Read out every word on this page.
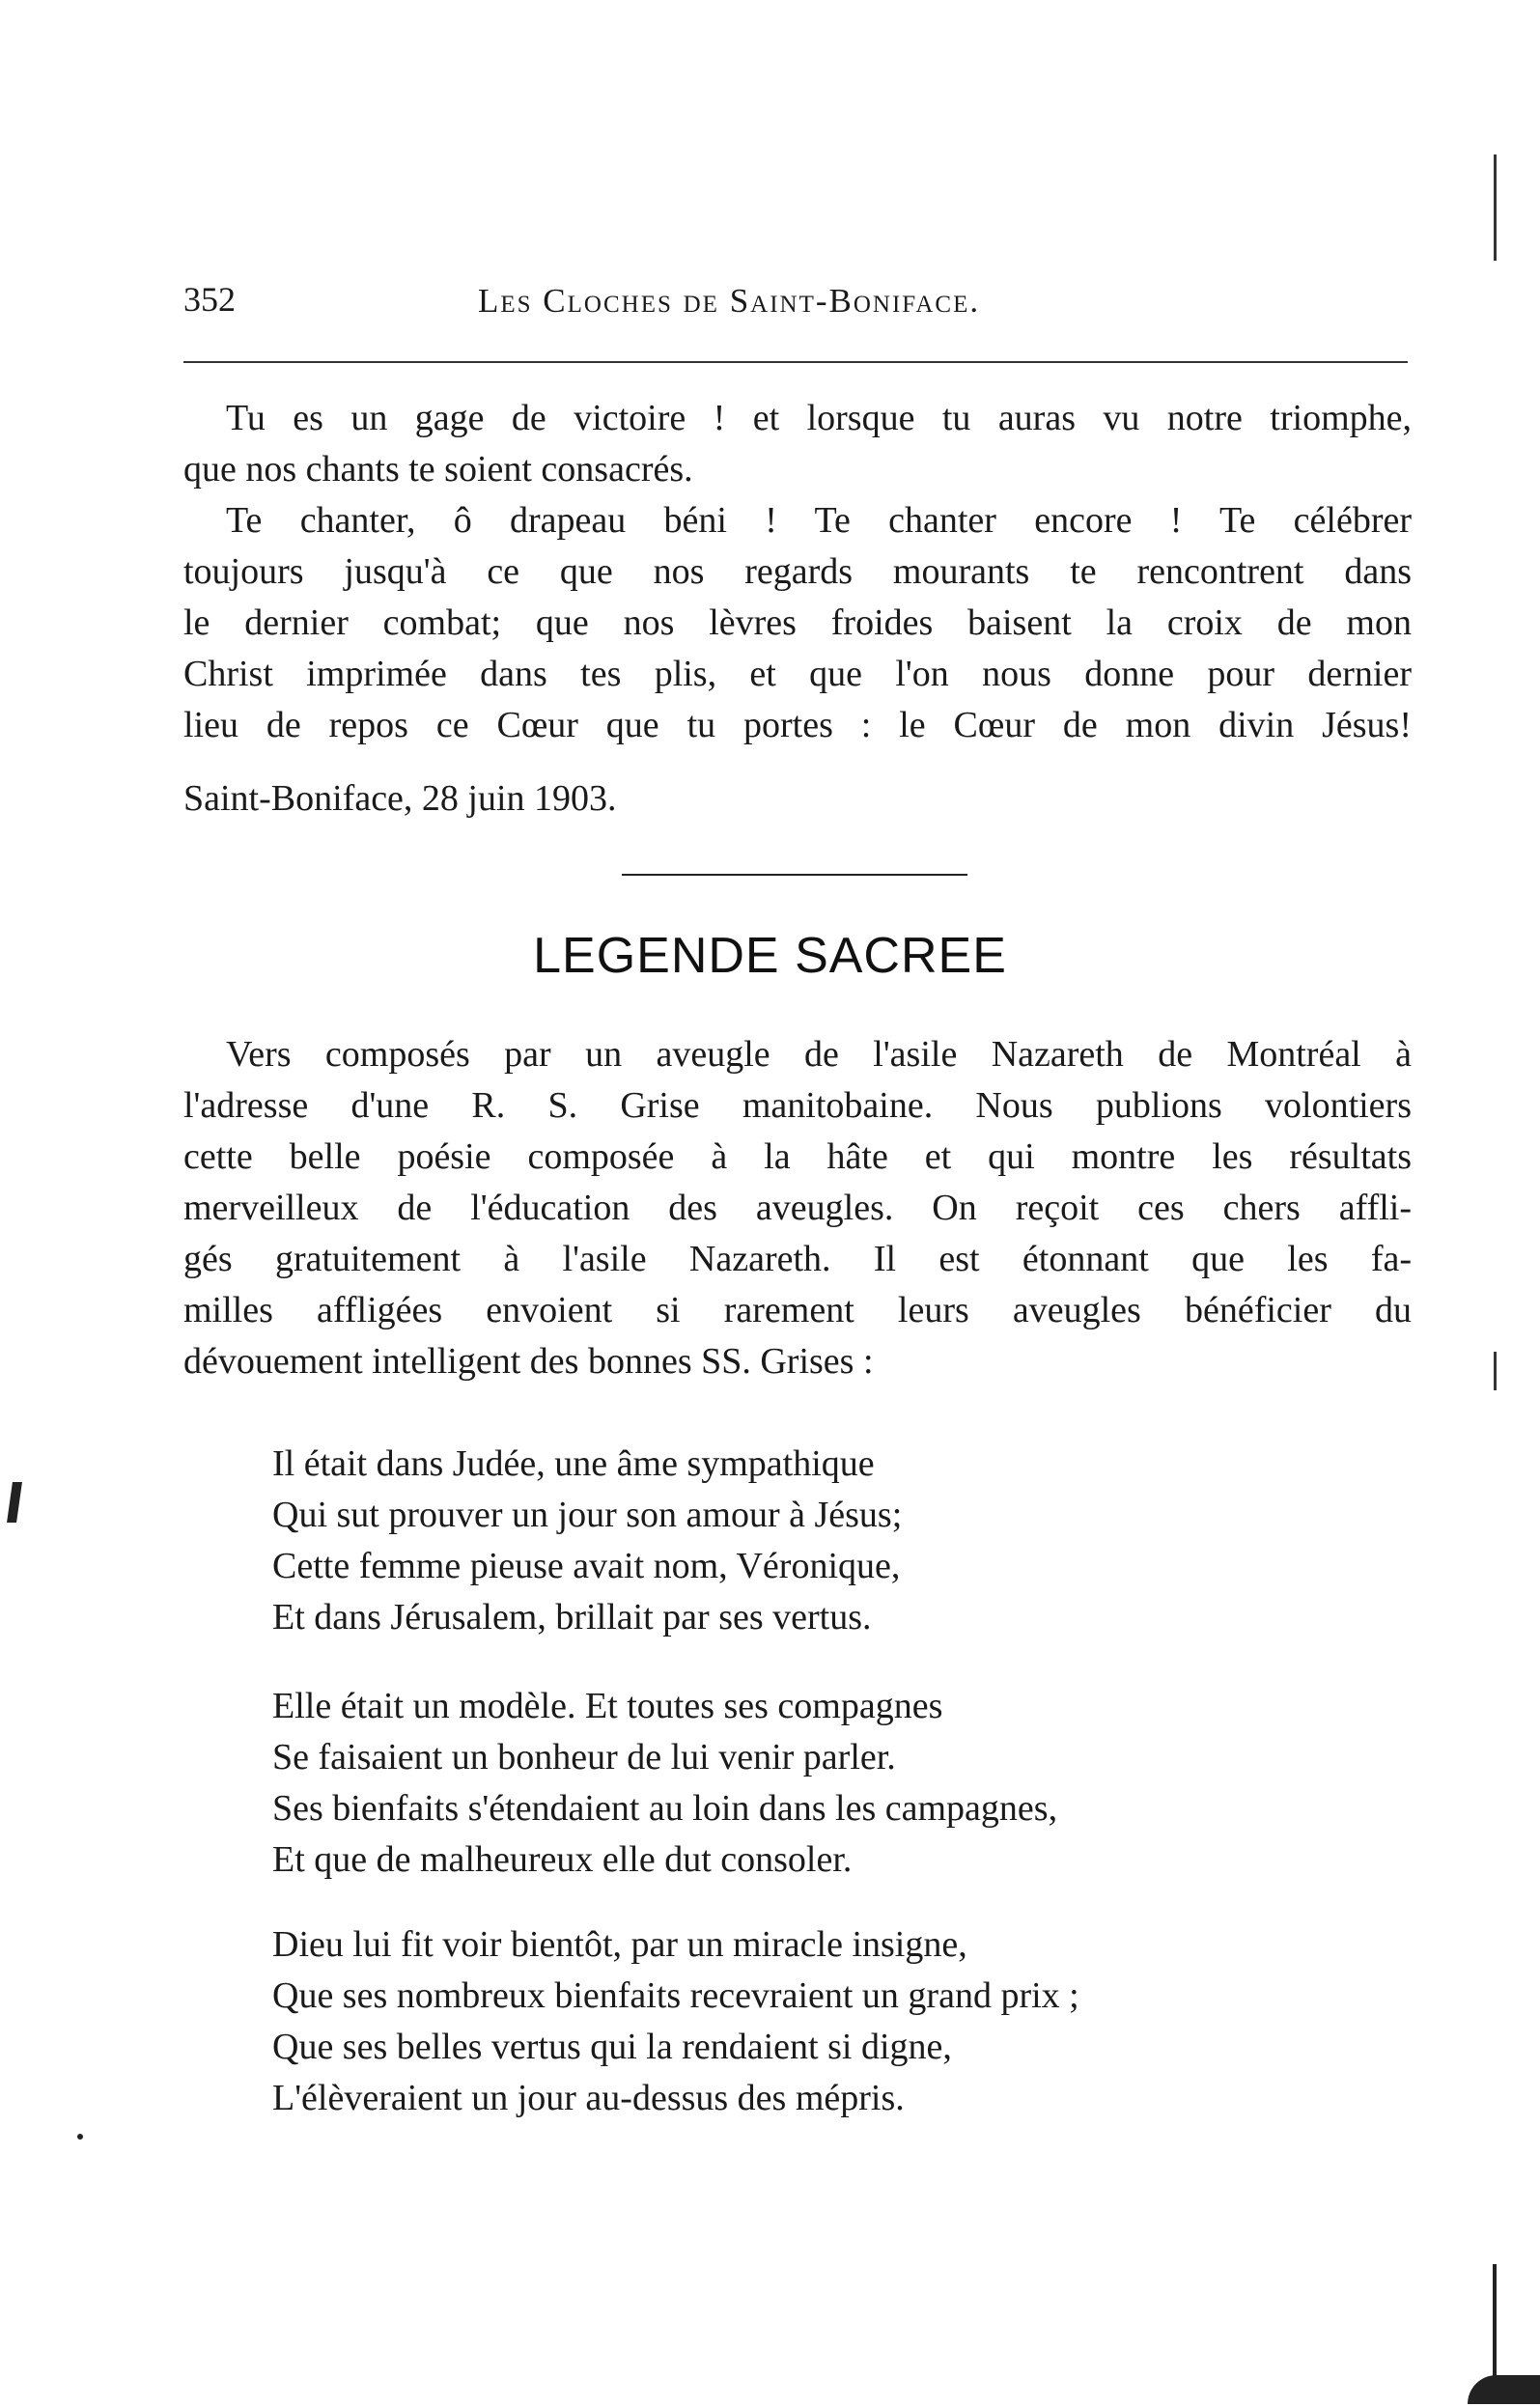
352	Les Cloches de Saint-Boniface.
Tu es un gage de victoire ! et lorsque tu auras vu notre triomphe,
que nos chants te soient consacrés.
Te chanter, ô drapeau béni ! Te chanter encore ! Te célébrer
toujours jusqu'à ce que nos regards mourants te rencontrent dans
le dernier combat; que nos lèvres froides baisent la croix de mon
Christ imprimée dans tes plis, et que l'on nous donne pour dernier
lieu de repos ce Cœur que tu portes : le Cœur de mon divin Jésus!
Saint-Boniface, 28 juin 1903.
LEGENDE SACREE
Vers composés par un aveugle de l'asile Nazareth de Montréal à
l'adresse d'une R. S. Grise manitobaine. Nous publions volontiers
cette belle poésie composée à la hâte et qui montre les résultats
merveilleux de l'éducation des aveugles. On reçoit ces chers affli-
gés gratuitement à l'asile Nazareth. Il est étonnant que les fa-
milles affligées envoient si rarement leurs aveugles bénéficier du
dévouement intelligent des bonnes SS. Grises :
Il était dans Judée, une âme sympathique
Qui sut prouver un jour son amour à Jésus;
Cette femme pieuse avait nom, Véronique,
Et dans Jérusalem, brillait par ses vertus.
Elle était un modèle. Et toutes ses compagnes
Se faisaient un bonheur de lui venir parler.
Ses bienfaits s'étendaient au loin dans les campagnes,
Et que de malheureux elle dut consoler.
Dieu lui fit voir bientôt, par un miracle insigne,
Que ses nombreux bienfaits recevraient un grand prix ;
Que ses belles vertus qui la rendaient si digne,
L'élèveraient un jour au-dessus des mépris.
